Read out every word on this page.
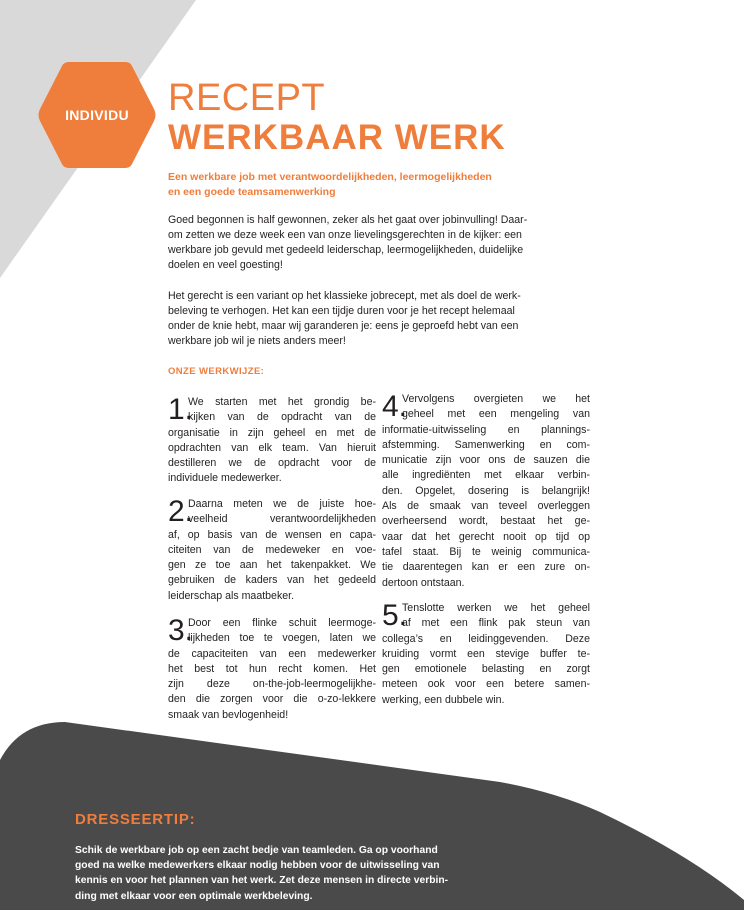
INDIVIDU RECEPT
WERKBAAR WERK
Een werkbare job met verantwoordelijkheden, leermogelijkheden
en een goede teamsamenwerking
Goed begonnen is half gewonnen, zeker als het gaat over jobinvulling! Daar-
om zetten we deze week een van onze lievelingsgerechten in de kijker: een
werkbare job gevuld met gedeeld leiderschap, leermogelijkheden, duidelijke
doelen en veel goesting!
Het gerecht is een variant op het klassieke jobrecept, met als doel de werk-
beleving te verhogen. Het kan een tijdje duren voor je het recept helemaal
onder de knie hebt, maar wij garanderen je: eens je geproefd hebt van een
werkbare job wil je niets anders meer!
ONZE WERKWIJZE:
1.
We starten met het grondig be-
kijken van de opdracht van de
organisatie in zijn geheel en met de
opdrachten van elk team. Van hieruit
destilleren we de opdracht voor de
individuele medewerker.
2.
Daarna meten we de juiste hoe-
veelheid verantwoordelijkheden
af, op basis van de wensen en capa-
citeiten van de medeweker en voe-
gen ze toe aan het takenpakket. We
gebruiken de kaders van het gedeeld
leiderschap als maatbeker.
3.
Door een flinke schuit leermoge-
lijkheden toe te voegen, laten we
de capaciteiten van een medewerker
het best tot hun recht komen. Het
zijn deze on-the-job-leermogelijkhe-
den die zorgen voor die o-zo-lekkere
smaak van bevlogenheid!
4.
Vervolgens overgieten we het
geheel met een mengeling van
informatie-uitwisseling en plannings-
afstemming. Samenwerking en com-
municatie zijn voor ons de sauzen die
alle ingrediënten met elkaar verbin-
den. Opgelet, dosering is belangrijk!
Als de smaak van teveel overleggen
overheersend wordt, bestaat het ge-
vaar dat het gerecht nooit op tijd op
tafel staat. Bij te weinig communica-
tie daarentegen kan er een zure on-
dertoon ontstaan.
5.
Tenslotte werken we het geheel
af met een flink pak steun van
collega’s en leidinggevenden. Deze
kruiding vormt een stevige buffer te-
gen emotionele belasting en zorgt
meteen ook voor een betere samen-
werking, een dubbele win.
DRESSEERTIP:
Schik de werkbare job op een zacht bedje van teamleden. Ga op voorhand
goed na welke medewerkers elkaar nodig hebben voor de uitwisseling van
kennis en voor het plannen van het werk. Zet deze mensen in directe verbin-
ding met elkaar voor een optimale werkbeleving.
